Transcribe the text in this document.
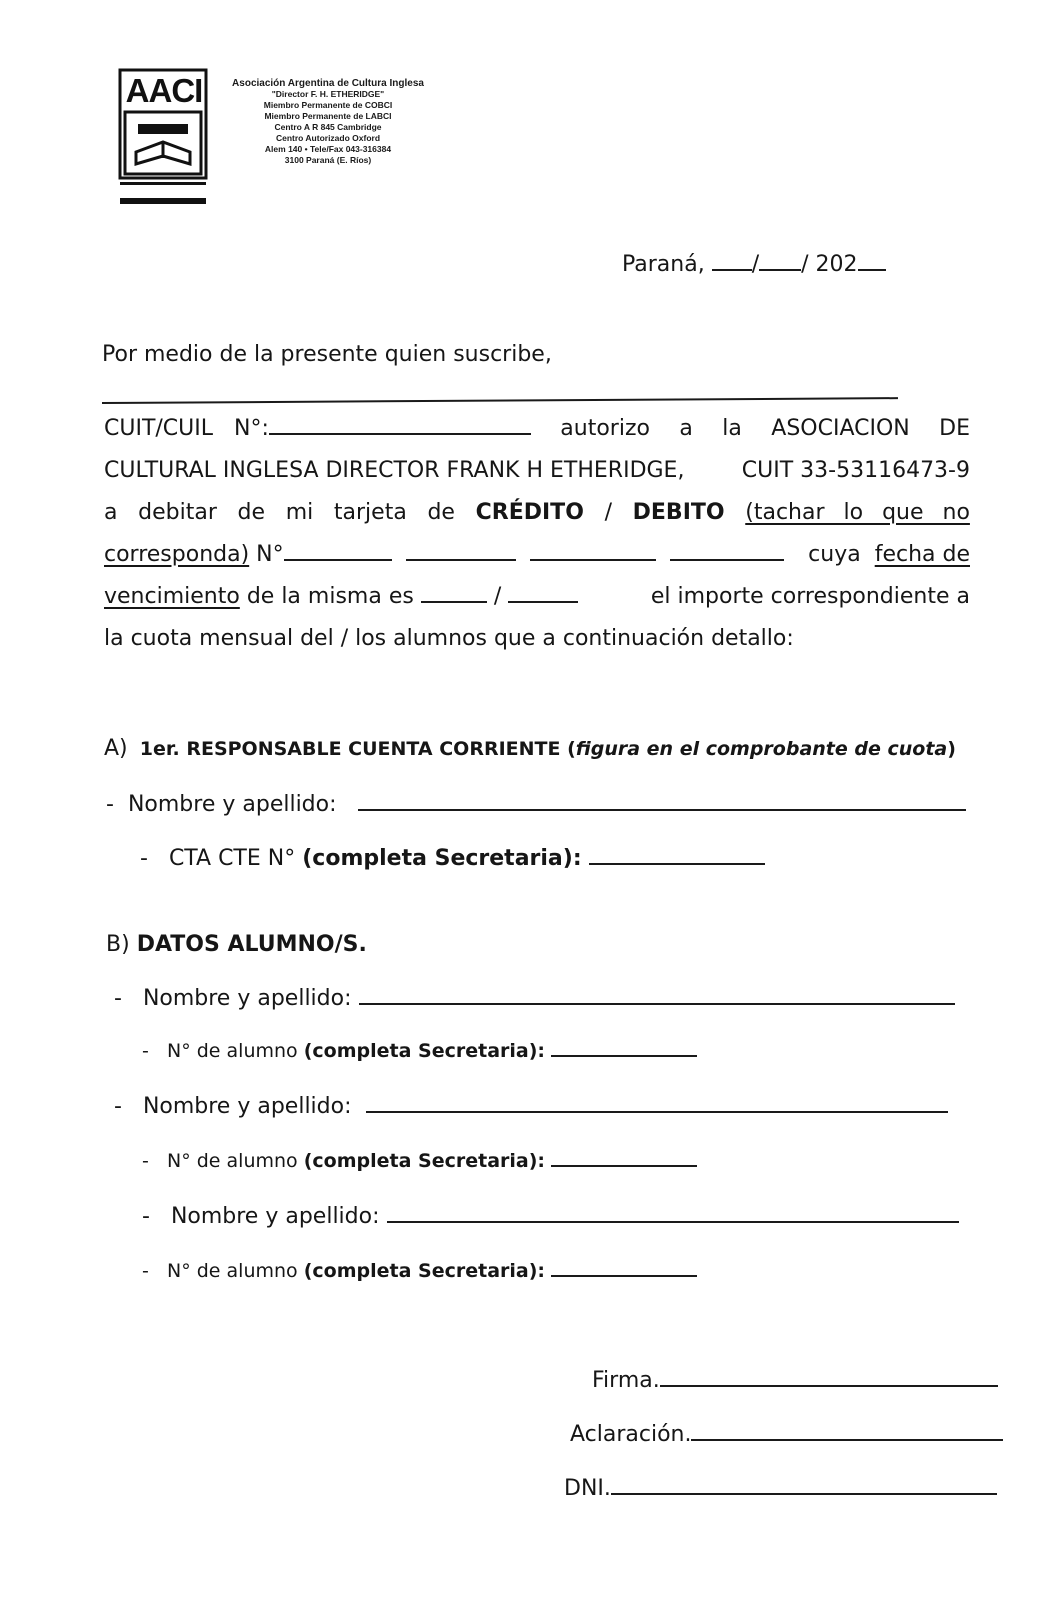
AACI	Asociación Argentina de Cultura Inglesa
"Director F. H. ETHERIDGE"
Miembro Permanente de COBCI
Miembro Permanente de LABCI
Centro A R 845 Cambridge
Centro Autorizado Oxford
Alem 140 • Tele/Fax 043-316384
3100 Paraná (E. Ríos)
Paraná, / / 202
Por medio de la presente quien suscribe,
CUIT/CUIL N°:	autorizo a la ASOCIACION DE
CULTURAL INGLESA DIRECTOR FRANK H ETHERIDGE,	CUIT 33-53116473-9
a debitar de mi tarjeta de CRÉDITO / DEBITO (tachar lo que no
corresponda) N°	cuya fecha de
vencimiento de la misma es	/	el importe correspondiente a
la cuota mensual del / los alumnos que a continuación detallo:
A) 1er. RESPONSABLE CUENTA CORRIENTE (figura en el comprobante de cuota)
- Nombre y apellido:
- CTA CTE N° (completa Secretaria):
B) DATOS ALUMNO/S.
- Nombre y apellido:
- N° de alumno (completa Secretaria):
- Nombre y apellido:
- N° de alumno (completa Secretaria):
- Nombre y apellido:
- N° de alumno (completa Secretaria):
Firma.
Aclaración.
DNI.
